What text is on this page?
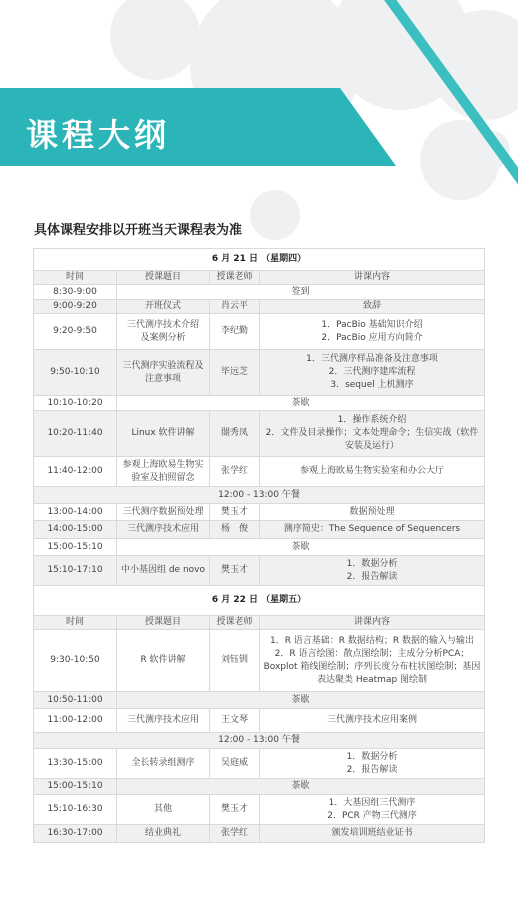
课程大纲
具体课程安排以开班当天课程表为准
6 月 21 日 （星期四）			
时间	授课题目	授课老师	讲课内容
8:30-9:00	签到		
9:00-9:20	开班仪式	肖云平	致辞
9:20-9:50	三代测序技术介绍
及案例分析	李纪勤	1．PacBio 基础知识介绍
2．PacBio 应用方向简介

9:50-10:10	三代测序实验流程及
注意事项	毕远芝	1．三代测序样品准备及注意事项
2．三代测序建库流程
3．sequel 上机测序

10:10-10:20	茶歇		
10:20-11:40	Linux 软件讲解	閤秀凤	1．操作系统介绍
2．文件及目录操作；文本处理命令；生信实战（软件
安装及运行）

11:40-12:00	参观上海欧易生物实
验室及拍照留念	张学红	参观上海欧易生物实验室和办公大厅
12:00 - 13:00 午餐			
13:00-14:00	三代测序数据预处理	樊玉才	数据预处理
14:00-15:00	三代测序技术应用	杨　俊	测序简史：The Sequence of Sequencers
15:00-15:10	茶歇		
15:10-17:10	中小基因组 de novo	樊玉才	1．数据分析
2．报告解读

6 月 22 日 （星期五）			
时间	授课题目	授课老师	讲课内容
9:30-10:50	R 软件讲解	刘钰钏	1．R 语言基础：R 数据结构；R 数据的输入与输出
2．R 语言绘图：散点图绘制；主成分分析PCA；
Boxplot 箱线图绘制；序列长度分布柱状图绘制；基因
表达聚类 Heatmap 图绘制

10:50-11:00	茶歇		
11:00-12:00	三代测序技术应用	王文琴	三代测序技术应用案例
12:00 - 13:00 午餐			
13:30-15:00	全长转录组测序	吴庭威	1．数据分析
2．报告解读

15:00-15:10	茶歇		
15:10-16:30	其他	樊玉才	1．大基因组三代测序
2．PCR 产物三代测序

16:30-17:00	结业典礼	张学红	颁发培训班结业证书
